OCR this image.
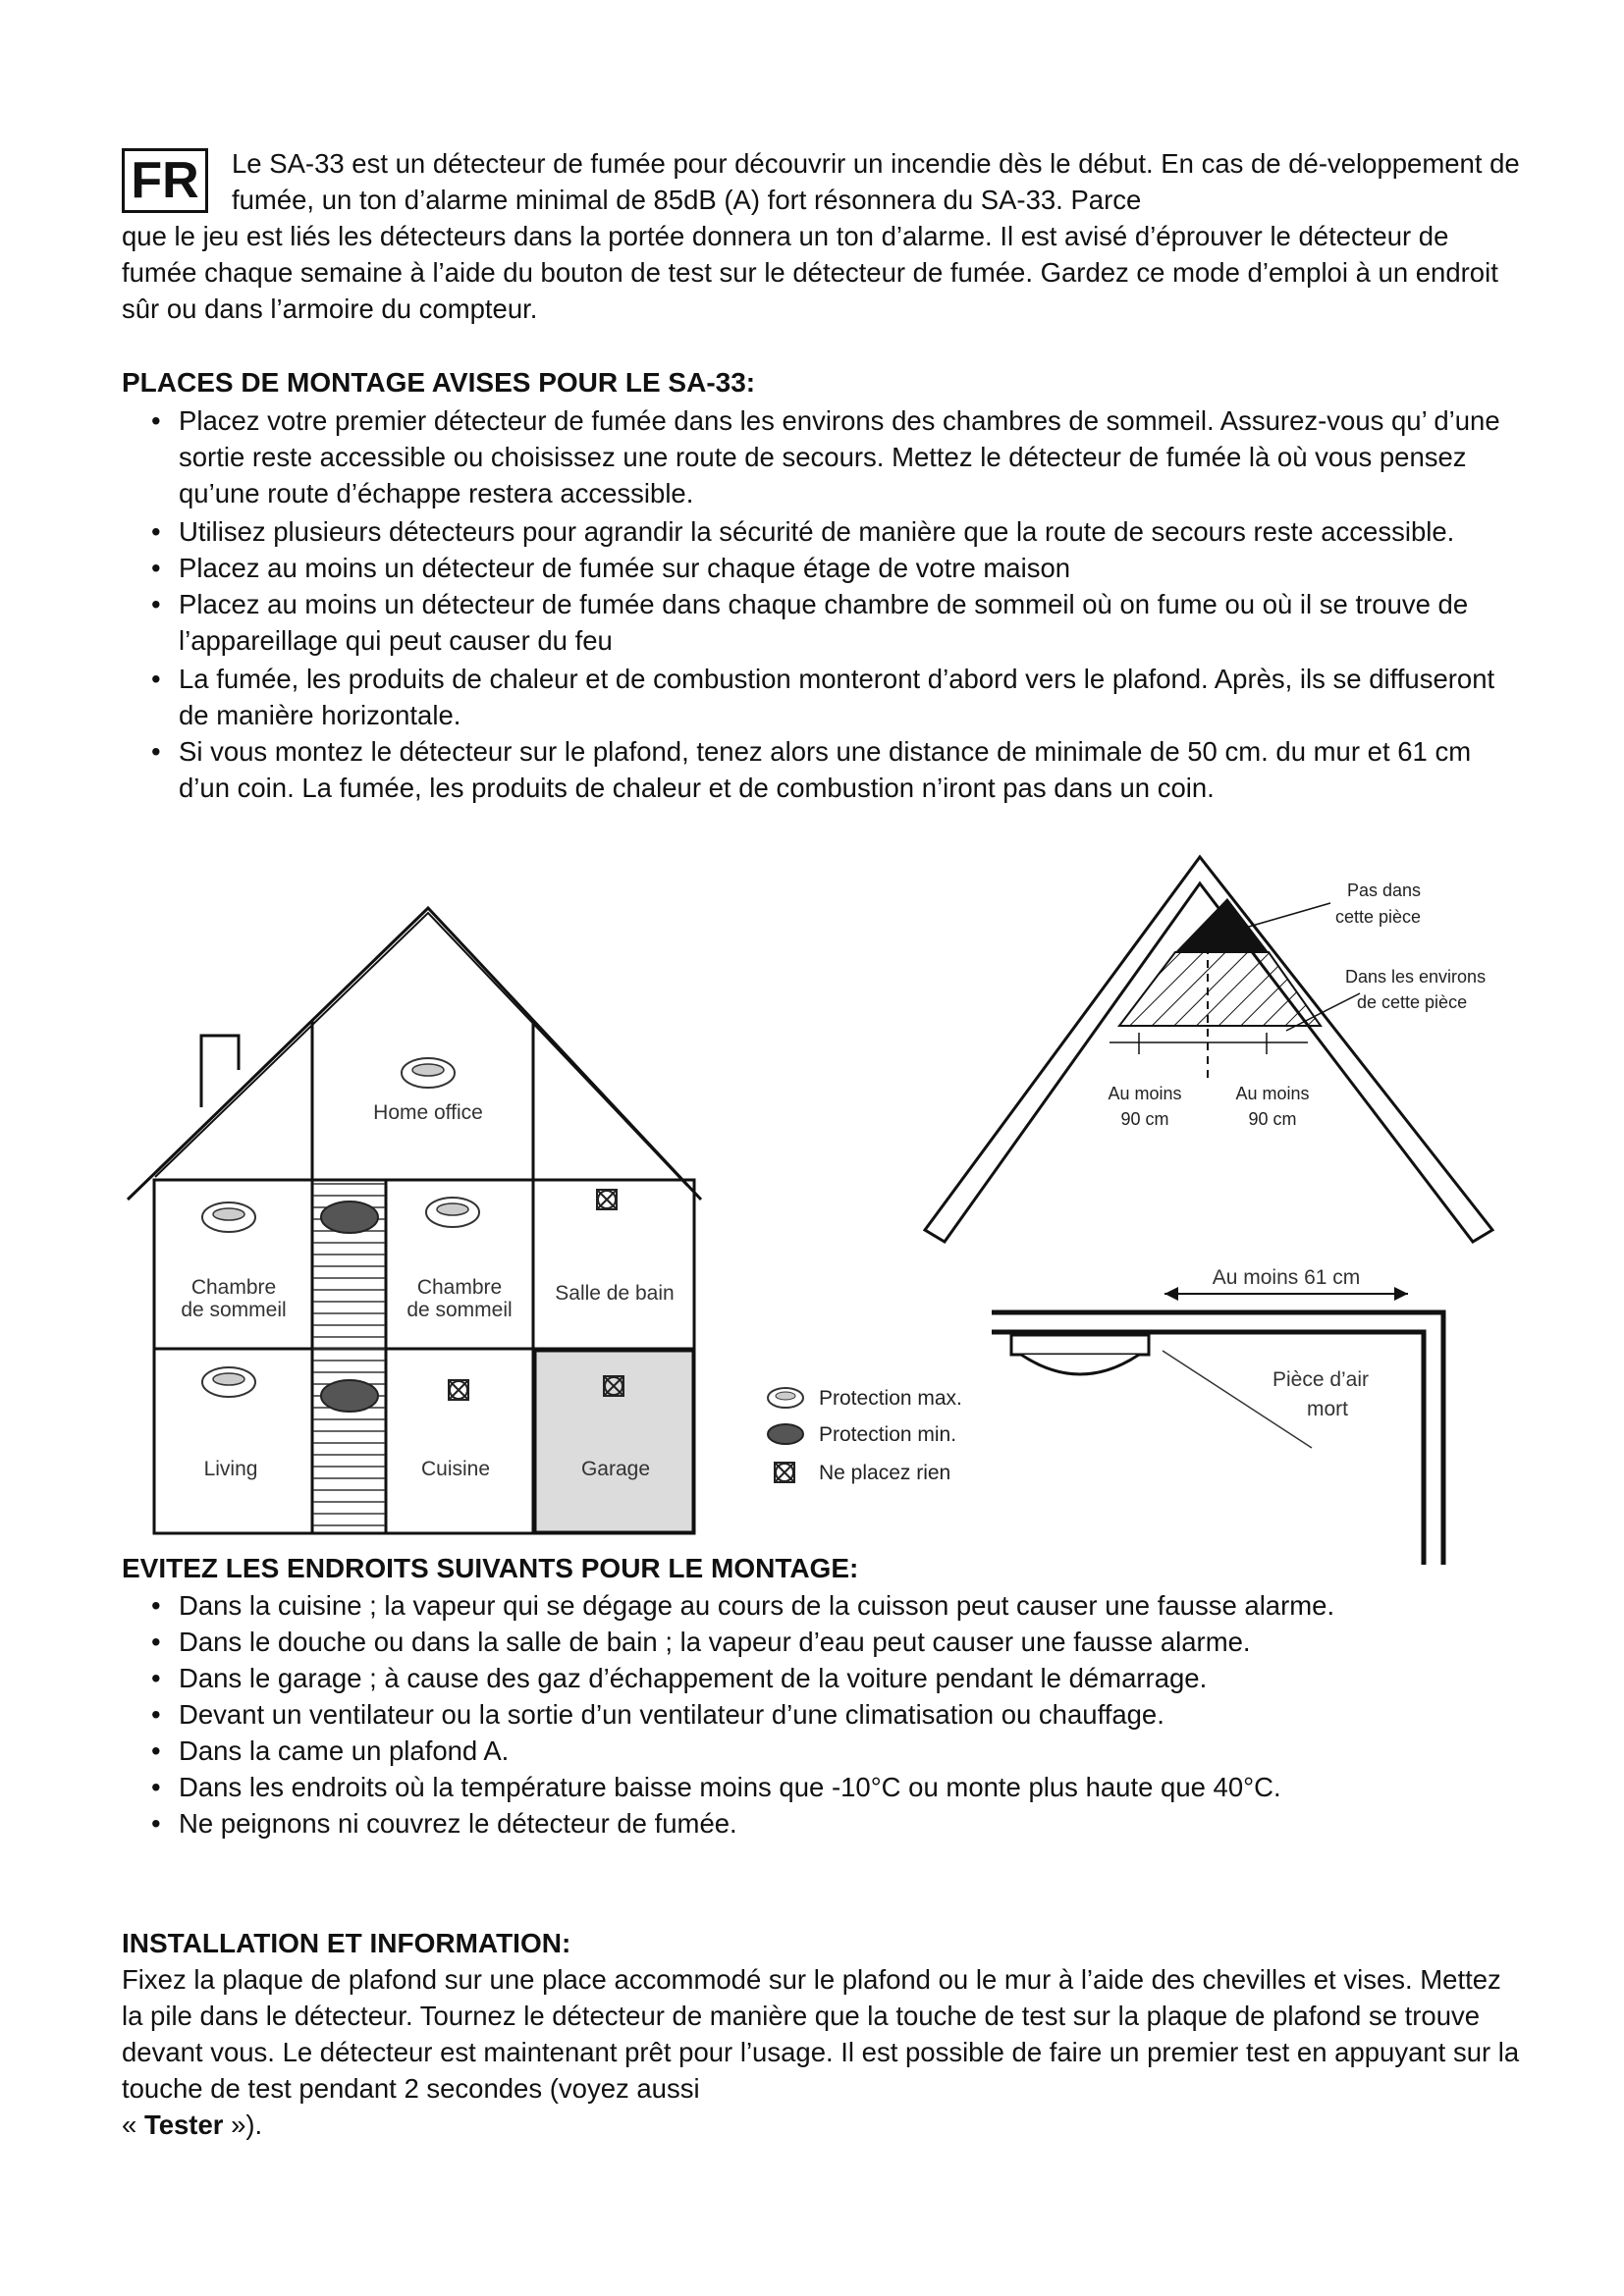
FR	Le SA-33 est un détecteur de fumée pour découvrir un incendie dès le début. En cas de dé-veloppement de fumée, un ton d’alarme minimal de 85dB (A) fort résonnera du SA-33. Parce
que le jeu est liés les détecteurs dans la portée donnera un ton d’alarme. Il est avisé d’éprouver le détecteur de fumée chaque semaine à l’aide du bouton de test sur le détecteur de fumée. Gardez ce mode d’emploi à un endroit sûr ou dans l’armoire du compteur.
PLACES DE MONTAGE AVISES POUR LE SA-33:
• Placez votre premier détecteur de fumée dans les environs des chambres de sommeil. Assurez-vous qu’ d’une sortie reste accessible ou choisissez une route de secours. Mettez le détecteur de fumée là où vous pensez qu’une route d’échappe restera accessible.
• Utilisez plusieurs détecteurs pour agrandir la sécurité de manière que la route de secours reste accessible.
• Placez au moins un détecteur de fumée sur chaque étage de votre maison
• Placez au moins un détecteur de fumée dans chaque chambre de sommeil où on fume ou où il se trouve de l’appareillage qui peut causer du feu
• La fumée, les produits de chaleur et de combustion monteront d’abord vers le plafond. Après, ils se diffuseront de manière horizontale.
• Si vous montez le détecteur sur le plafond, tenez alors une distance de minimale de 50 cm. du mur et 61 cm d’un coin. La fumée, les produits de chaleur et de combustion n’iront pas dans un coin.
Home office
Chambre
de sommeil
Chambre
de sommeil
Salle de bain
Living	Cuisine	Garage
Protection max.
Protection min.
Ne placez rien
Pas dans
cette pièce
Dans les environs
de cette pièce
Au moins
90 cm
Au moins
90 cm
Au moins 61 cm
Pièce d’air
mort
EVITEZ LES ENDROITS SUIVANTS POUR LE MONTAGE:
• Dans la cuisine ; la vapeur qui se dégage au cours de la cuisson peut causer une fausse alarme.
• Dans le douche ou dans la salle de bain ; la vapeur d’eau peut causer une fausse alarme.
• Dans le garage ; à cause des gaz d’échappement de la voiture pendant le démarrage.
• Devant un ventilateur ou la sortie d’un ventilateur d’une climatisation ou chauffage.
• Dans la came un plafond A.
• Dans les endroits où la température baisse moins que -10°C ou monte plus haute que 40°C.
• Ne peignons ni couvrez le détecteur de fumée.
INSTALLATION ET INFORMATION:
Fixez la plaque de plafond sur une place accommodé sur le plafond ou le mur à l’aide des chevilles et vises. Mettez la pile dans le détecteur. Tournez le détecteur de manière que la touche de test sur la plaque de plafond se trouve devant vous. Le détecteur est maintenant prêt pour l’usage. Il est possible de faire un premier test en appuyant sur la touche de test pendant 2 secondes (voyez aussi
« Tester »).
